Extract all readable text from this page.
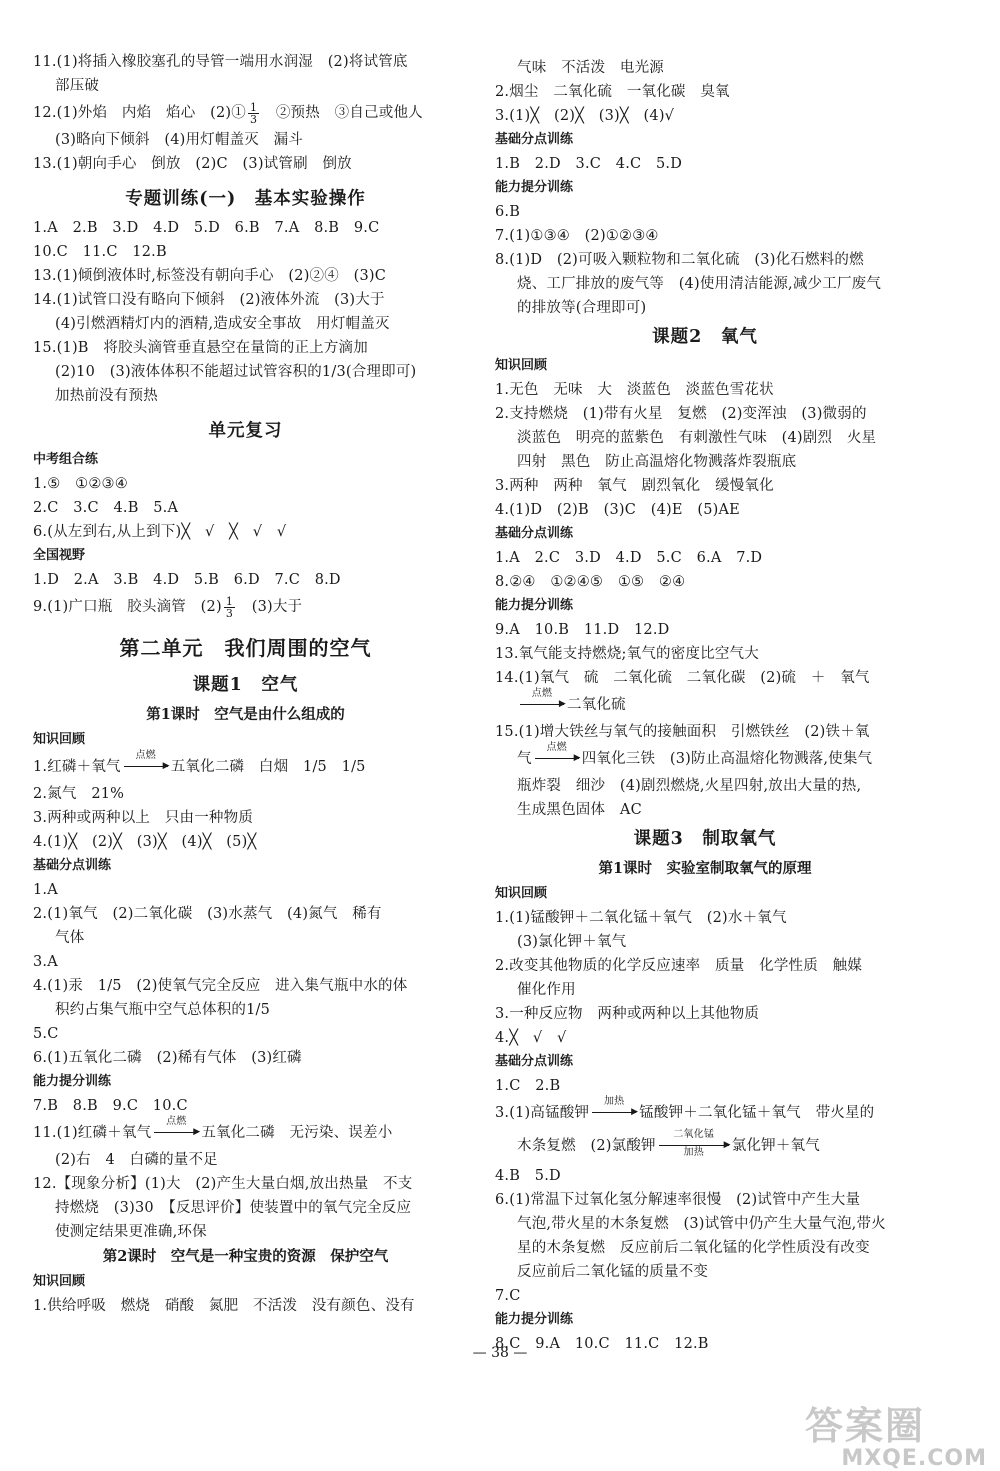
11.(1)将插入橡胶塞孔的导管一端用水润湿　(2)将试管底
部压破
12.(1)外焰　内焰　焰心　(2)① $\frac{1}{3}$ 　②预热　③自己或他人
(3)略向下倾斜　(4)用灯帽盖灭　漏斗
13.(1)朝向手心　倒放　(2)C　(3)试管刷　倒放
专题训练(一)　基本实验操作
1.A　2.B　3.D　4.D　5.D　6.B　7.A　8.B　9.C
10.C　11.C　12.B
13.(1)倾倒液体时,标签没有朝向手心　(2)②④　(3)C
14.(1)试管口没有略向下倾斜　(2)液体外流　(3)大于
(4)引燃酒精灯内的酒精,造成安全事故　用灯帽盖灭
15.(1)B　将胶头滴管垂直悬空在量筒的正上方滴加
(2)10　(3)液体体积不能超过试管容积的1/3(合理即可)
加热前没有预热
单元复习
中考组合练
1.⑤　①②③④
2.C　3.C　4.B　5.A
6.(从左到右,从上到下)╳　√　╳　√　√
全国视野
1.D　2.A　3.B　4.D　5.B　6.D　7.C　8.D
9.(1)广口瓶　胶头滴管　$(2) \frac{1}{3}$ 　(3)大于
第二单元　我们周围的空气
课题1　空气
第1课时　空气是由什么组成的
知识回顾
1.红磷＋氧气
点燃
▶ 五氧化二磷　白烟　1/5　1/5
2.氮气　21%
3.两种或两种以上　只由一种物质
4.(1)╳　(2)╳　(3)╳　(4)╳　(5)╳
基础分点训练
1.A
2.(1)氧气　(2)二氧化碳　(3)水蒸气　(4)氮气　稀有
气体
3.A
4.(1)汞　1/5　(2)使氧气完全反应　进入集气瓶中水的体
积约占集气瓶中空气总体积的1/5
5.C
6.(1)五氧化二磷　(2)稀有气体　(3)红磷
能力提分训练
7.B　8.B　9.C　10.C
11.(1)红磷＋氧气
点燃
▶ 五氧化二磷　无污染、误差小
(2)右　4　白磷的量不足
12.【现象分析】(1)大　(2)产生大量白烟,放出热量　不支
持燃烧　(3)30　【反思评价】使装置中的氧气完全反应
使测定结果更准确,环保
第2课时　空气是一种宝贵的资源　保护空气
知识回顾
1.供给呼吸　燃烧　硝酸　氮肥　不活泼　没有颜色、没有
气味　不活泼　电光源
2.烟尘　二氧化硫　一氧化碳　臭氧
3.(1)╳　(2)╳　(3)╳　(4)√
基础分点训练
1.B　2.D　3.C　4.C　5.D
能力提分训练
6.B
7.(1)①③④　(2)①②③④
8.(1)D　(2)可吸入颗粒物和二氧化硫　(3)化石燃料的燃
烧、工厂排放的废气等　(4)使用清洁能源,减少工厂废气
的排放等(合理即可)
课题2　氧气
知识回顾
1.无色　无味　大　淡蓝色　淡蓝色雪花状
2.支持燃烧　(1)带有火星　复燃　(2)变浑浊　(3)微弱的
淡蓝色　明亮的蓝紫色　有刺激性气味　(4)剧烈　火星
四射　黑色　防止高温熔化物溅落炸裂瓶底
3.两种　两种　氧气　剧烈氧化　缓慢氧化
4.(1)D　(2)B　(3)C　(4)E　(5)AE
基础分点训练
1.A　2.C　3.D　4.D　5.C　6.A　7.D
8.②④　①②④⑤　①⑤　②④
能力提分训练
9.A　10.B　11.D　12.D
13.氧气能支持燃烧;氧气的密度比空气大
14.(1)氧气　硫　二氧化硫　二氧化碳　(2)硫　＋　氧气
点燃
▶ 二氧化硫
15.(1)增大铁丝与氧气的接触面积　引燃铁丝　(2)铁＋氧
气
点燃
▶ 四氧化三铁　(3)防止高温熔化物溅落,使集气
瓶炸裂　细沙　(4)剧烈燃烧,火星四射,放出大量的热,
生成黑色固体　AC
课题3　制取氧气
第1课时　实验室制取氧气的原理
知识回顾
1.(1)锰酸钾＋二氧化锰＋氧气　(2)水＋氧气
(3)氯化钾＋氧气
2.改变其他物质的化学反应速率　质量　化学性质　触媒
催化作用
3.一种反应物　两种或两种以上其他物质
4.╳　√　√
基础分点训练
1.C　2.B
3.(1)高锰酸钾
加热
▶ 锰酸钾＋二氧化锰＋氧气　带火星的
木条复燃　(2)氯酸钾
二氧化锰
▶
加热	氯化钾＋氧气
4.B　5.D
6.(1)常温下过氧化氢分解速率很慢　(2)试管中产生大量
气泡,带火星的木条复燃　(3)试管中仍产生大量气泡,带火
星的木条复燃　反应前后二氧化锰的化学性质没有改变
反应前后二氧化锰的质量不变
7.C
能力提分训练
8.C　9.A　10.C　11.C　12.B
— 38 —
答案圈
MXQE.COM
